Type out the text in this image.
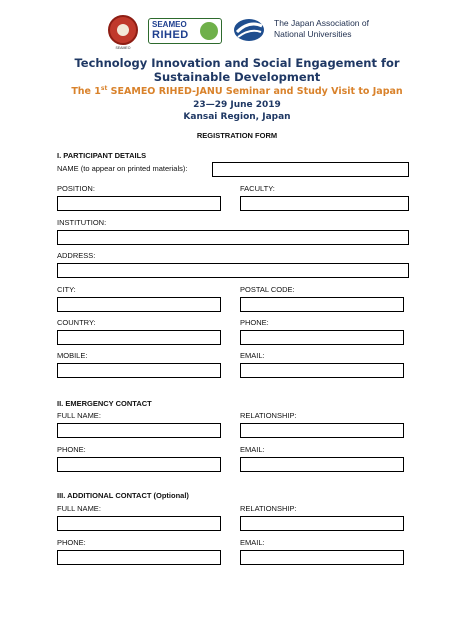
SEAMEO
SEAMEO
RIHED
The Japan Association of
National Universities
Technology Innovation and Social Engagement for
Sustainable Development
The 1st SEAMEO RIHED-JANU Seminar and Study Visit to Japan
23—29 June 2019
Kansai Region, Japan
REGISTRATION FORM
I. PARTICIPANT DETAILS
NAME (to appear on printed materials):
POSITION:	FACULTY:
INSTITUTION:
ADDRESS:
CITY:	POSTAL CODE:
COUNTRY:	PHONE:
MOBILE:	EMAIL:
II. EMERGENCY CONTACT
FULL NAME:	RELATIONSHIP:
PHONE:	EMAIL:
III. ADDITIONAL CONTACT (Optional)
FULL NAME:	RELATIONSHIP:
PHONE:	EMAIL:
